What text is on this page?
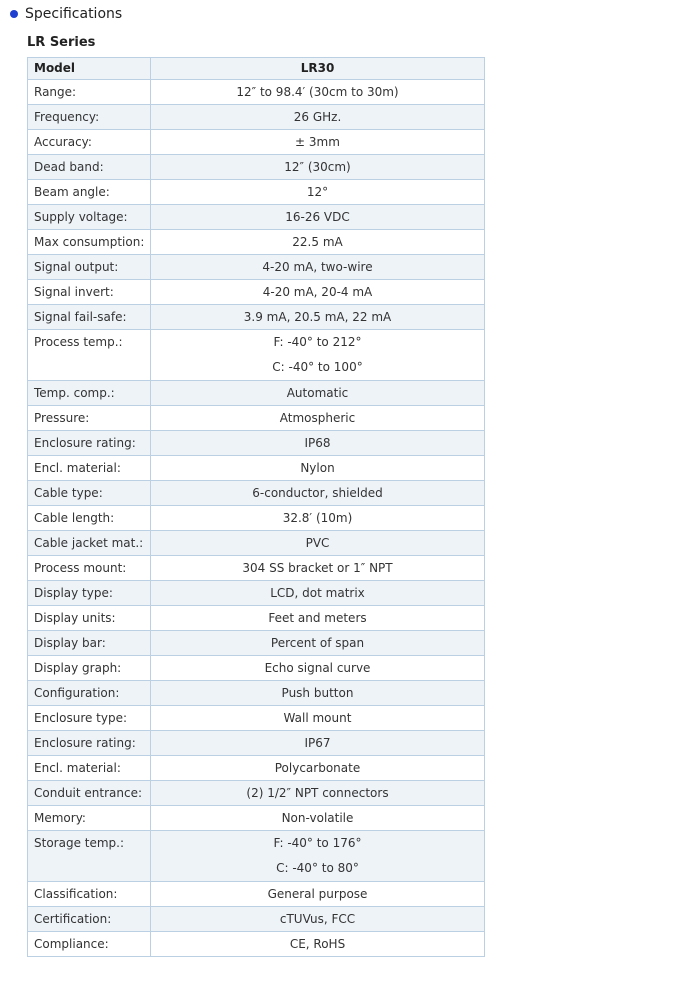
Specifications
LR Series
Model	LR30
Range:	12″ to 98.4′ (30cm to 30m)
Frequency:	26 GHz.
Accuracy:	± 3mm
Dead band:	12″ (30cm)
Beam angle:	12°
Supply voltage:	16-26 VDC
Max consumption:	22.5 mA
Signal output:	4-20 mA, two-wire
Signal invert:	4-20 mA, 20-4 mA
Signal fail-safe:	3.9 mA, 20.5 mA, 22 mA
Process temp.:	F: -40° to 212°
C: -40° to 100°

Temp. comp.:	Automatic
Pressure:	Atmospheric
Enclosure rating:	IP68
Encl. material:	Nylon
Cable type:	6-conductor, shielded
Cable length:	32.8′ (10m)
Cable jacket mat.:	PVC
Process mount:	304 SS bracket or 1″ NPT
Display type:	LCD, dot matrix
Display units:	Feet and meters
Display bar:	Percent of span
Display graph:	Echo signal curve
Configuration:	Push button
Enclosure type:	Wall mount
Enclosure rating:	IP67
Encl. material:	Polycarbonate
Conduit entrance:	(2) 1/2″ NPT connectors
Memory:	Non-volatile
Storage temp.:	F: -40° to 176°
C: -40° to 80°

Classification:	General purpose
Certification:	cTUVus, FCC
Compliance:	CE, RoHS
